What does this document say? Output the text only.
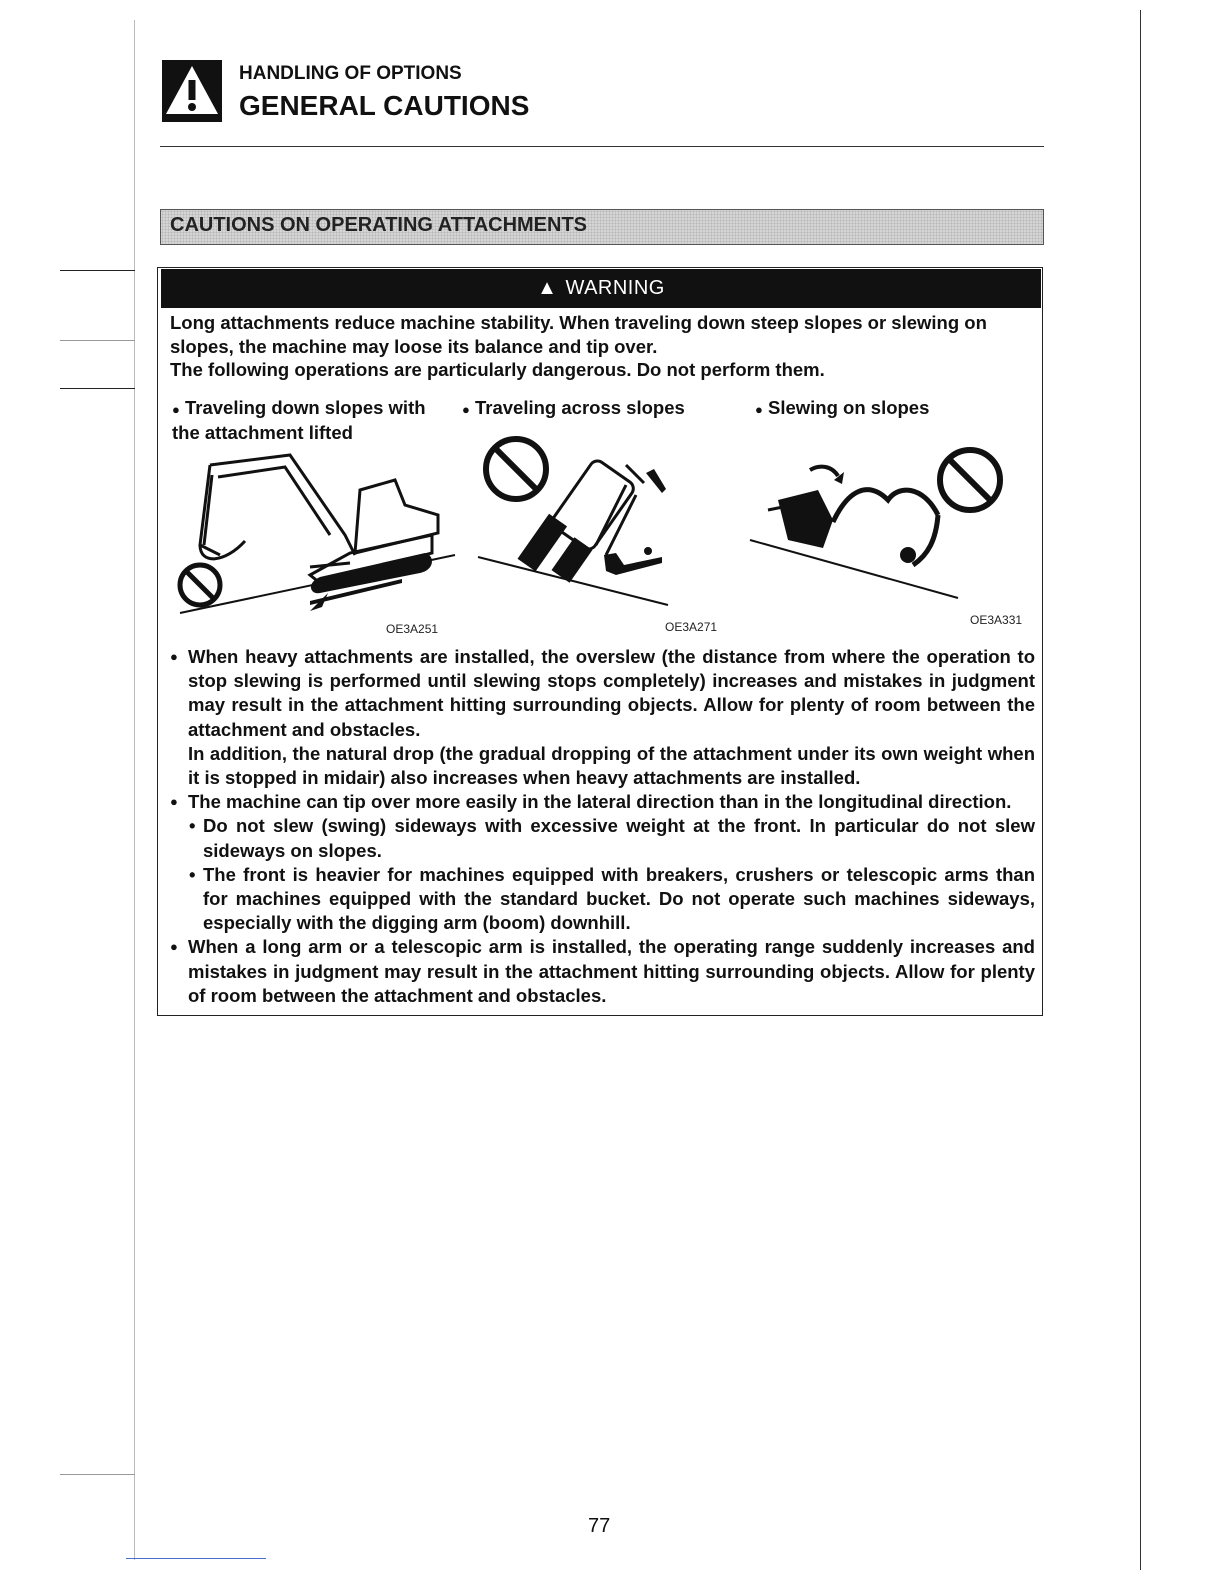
HANDLING OF OPTIONS
GENERAL CAUTIONS
CAUTIONS ON OPERATING ATTACHMENTS
▲ WARNING
Long attachments reduce machine stability. When traveling down steep slopes or slewing on slopes, the machine may loose its balance and tip over.
The following operations are particularly dangerous. Do not perform them.
● Traveling down slopes with the attachment lifted
● Traveling across slopes	● Slewing on slopes
OE3A251	OE3A271	OE3A331
● When heavy attachments are installed, the overslew (the distance from where the operation to stop slewing is performed until slewing stops completely) increases and mistakes in judgment may result in the attachment hitting surrounding objects. Allow for plenty of room between the attachment and obstacles.
In addition, the natural drop (the gradual dropping of the attachment under its own weight when it is stopped in midair) also increases when heavy attachments are installed.
● The machine can tip over more easily in the lateral direction than in the longitudinal direction.
• Do not slew (swing) sideways with excessive weight at the front. In particular do not slew sideways on slopes.
• The front is heavier for machines equipped with breakers, crushers or telescopic arms than for machines equipped with the standard bucket. Do not operate such machines sideways, especially with the digging arm (boom) downhill.
● When a long arm or a telescopic arm is installed, the operating range suddenly increases and mistakes in judgment may result in the attachment hitting surrounding objects. Allow for plenty of room between the attachment and obstacles.
77
